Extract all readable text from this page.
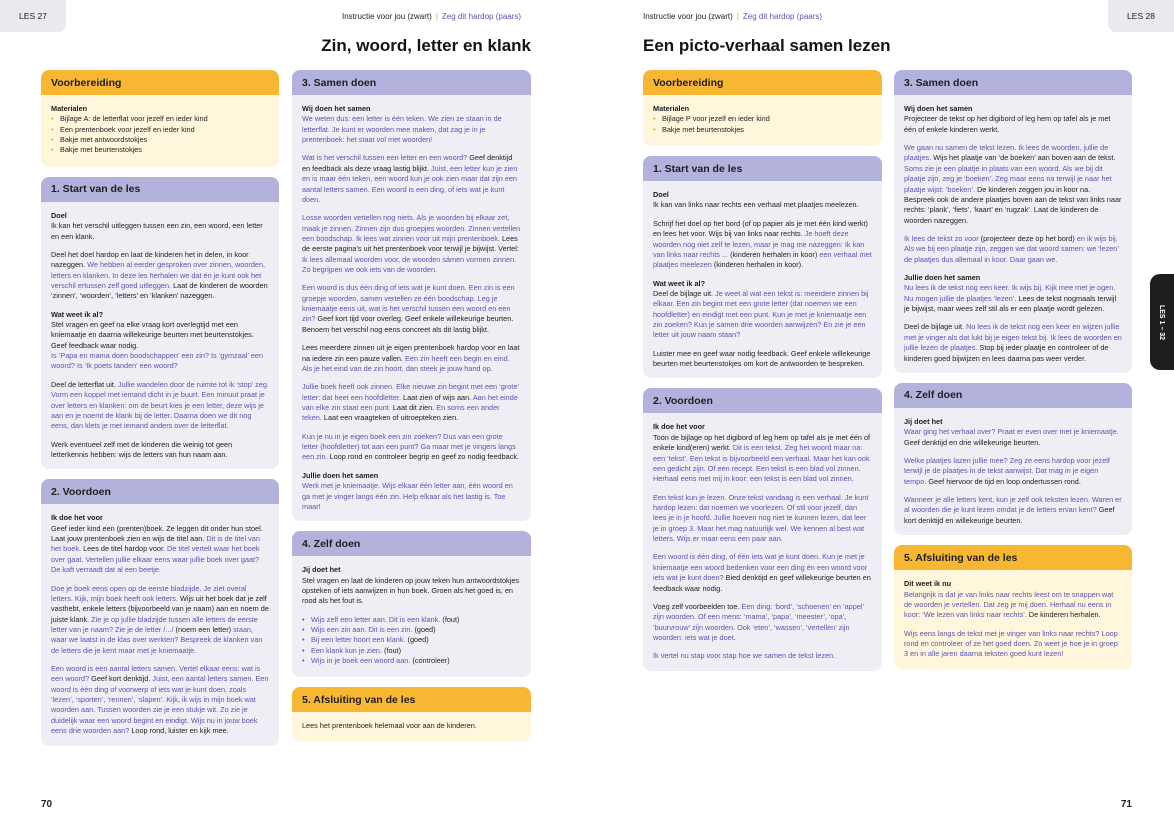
LES 27	Instructie voor jou (zwart) | Zeg dit hardop (paars)
Zin, woord, letter en klank
Voorbereiding
Materialen
• Bijlage A: de letterflat voor jezelf en ieder kind
• Een prentenboek voor jezelf en ieder kind
• Bakje met antwoordstokjes
• Bakje met beurtenstokjes
1. Start van de les

Doel
Ik kan het verschil uitleggen tussen een zin, een woord, een letter en een klank.

Deel het doel hardop en laat de kinderen het in delen, in koor nazeggen. We hebben al eerder gesproken over zinnen, woorden, letters en klanken. In deze les herhalen we dat én je kunt ook het verschil ertussen zelf goed uitleggen. Laat de kinderen de woorden ‘zinnen’, ‘woorden’, ‘letters’ en ‘klanken’ nazeggen.

Wat weet ik al?
Stel vragen en geef na elke vraag kort overlegtijd met een kniemaatje en daarna willekeurige beurten met beurtenstokjes. Geef feedback waar nodig.
Is ‘Papa en mama doen boodschappen’ een zin? Is ‘gymzaal’ een woord? Is ‘Ik poets tanden’ een woord?

Deel de letterflat uit. Jullie wandelen door de ruimte tot ik ‘stop’ zeg. Vorm een koppel met iemand dicht in je buurt. Een minuut praat je over letters en klanken: om de beurt kies je een letter, deze wijs je aan en je noemt de klank bij de letter. Daarna doen we dit nog eens, dan klets je met iemand anders over de letterflat.

Werk eventueel zelf met de kinderen die weinig tot geen letterkennis hebben: wijs de letters van hun naam aan.

2. Voordoen

Ik doe het voor
Geef ieder kind een (prenten)boek. Ze leggen dit onder hun stoel. Laat jouw prentenboek zien en wijs de titel aan. Dit is de titel van het boek. Lees de titel hardop voor. De titel vertelt waar het boek over gaat. Vertellen jullie elkaar eens waar jullie boek over gaat? De kaft verraadt dat al een beetje.

Doe je boek eens open op de eerste bladzijde. Je ziet overal letters. Kijk, mijn boek heeft ook letters. Wijs uit het boek dat je zelf vasthebt, enkele letters (bijvoorbeeld van je naam) aan en noem de juiste klank. Zie je op jullie bladzijde tussen alle letters de eerste letter van je naam? Zie je de letter /.../ (noem een letter) staan, waar we laatst in de klas over werkten? Bespreek de klanken van de letters die je kent maar met je kniemaatje.

Een woord is een aantal letters samen. Vertel elkaar eens: wat is een woord? Geef kort denktijd. Juist, een aantal letters samen. Een woord is één ding of voorwerp of iets wat je kunt doen, zoals ‘lezen’, ‘sporten’, ‘rennen’, ‘slapen’. Kijk, ik wijs in mijn boek wat woorden aan. Tussen woorden zie je een stukje wit. Zo zie je duidelijk waar een woord begint en eindigt. Wijs nu in jouw boek eens drie woorden aan? Loop rond, luister en kijk mee.

3. Samen doen

Wij doen het samen
We weten dus: een letter is één teken. We zien ze staan in de letterflat. Je kunt er woorden mee maken, dat zag je in je prentenboek: het staat vol met woorden!

Wat is het verschil tussen een letter en een woord? Geef denktijd en feedback als deze vraag lastig blijkt. Juist, een letter kun je zien en is maar één teken, een woord kun je ook zien maar dat zijn een aantal letters samen. Een woord is een ding, of iets wat je kunt doen.

Losse woorden vertellen nog niets. Als je woorden bij elkaar zet, maak je zinnen. Zinnen zijn dus groepjes woorden. Zinnen vertellen een boodschap. Ik lees wat zinnen voor uit mijn prentenboek. Lees de eerste pagina’s uit het prentenboek voor terwijl je bijwijst. Vertel: Ik lees allemaal woorden voor, de woorden sámen vormen zinnen. Zo begrijpen we ook iets van de woorden.

Een woord is dus één ding of iets wat je kunt doen. Een zin is een groepje woorden, samen vertellen ze één boodschap. Leg je kniemaatje eens uit, wat is het verschil tussen een woord en een zin? Geef kort tijd voor overleg. Geef enkele willekeurige beurten. Benoem het verschil nog eens concreet als dit lastig blijkt.

Lees meerdere zinnen uit je eigen prentenboek hardop voor en laat na iedere zin een pauze vallen. Een zin heeft een begin en eind. Als je het eind van de zin hoort, dan steek je jouw hand op.

Jullie boek heeft ook zinnen. Elke nieuwe zin begint met een ‘grote’ letter: dat heet een hoofdletter. Laat zien of wijs aan. Aan het einde van elke zin staat een punt. Laat dit zien. En soms een ander teken. Laat een vraagteken of uitroepteken zien.

Kun je nu in je eigen boek een zin zoeken? Dus van een grote letter (hoofdletter) tot aan een punt? Ga maar met je vingers langs een zin. Loop rond en controleer begrip en geef zo nodig feedback.

Jullie doen het samen
Werk met je kniemaatje. Wijs elkaar één letter aan, één woord en ga met je vinger langs één zin. Help elkaar als het lastig is. Toe maar!

4. Zelf doen

Jij doet het
Stel vragen en laat de kinderen op jouw teken hun antwoordstokjes opsteken of iets aanwijzen in hun boek. Groen als het goed is, en rood als het fout is.

• Wijs zelf een letter aan. Dit is een klank. (fout)
• Wijs een zin aan. Dit is een zin. (goed)
• Bij een letter hoort een klank. (goed)
• Een klank kun je zien. (fout)
• Wijs in je boek een woord aan. (controleer)
5. Afsluiting van de les

Lees het prentenboek helemaal voor aan de kinderen.

70
LES 28
Instructie voor jou (zwart) | Zeg dit hardop (paars)
Een picto-verhaal samen lezen
Voorbereiding
Materialen
• Bijlage P voor jezelf en ieder kind
• Bakje met beurtenstokjes
1. Start van de les

Doel
Ik kan van links naar rechts een verhaal met plaatjes meelezen.

Schrijf het doel op het bord (of op papier als je met één kind werkt) en lees het voor. Wijs bij van links naar rechts. Je hoeft deze woorden nog niet zelf te lezen, maar je mag me nazeggen: Ik kan van links naar rechts ... (kinderen herhalen in koor) een verhaal met plaatjes meelezen (kinderen herhalen in koor).

Wat weet ik al?
Deel de bijlage uit. Je weet al wat een tekst is: meerdere zinnen bij elkaar. Een zin begint met een grote letter (dat noemen we een hoofdletter) en eindigt met een punt. Kun je met je kniemaatje een zin zoeken? Kun je samen drie woorden aanwijzen? En zie je een letter uit jouw naam staan?

Luister mee en geef waar nodig feedback. Geef enkele willekeurige beurten met beurtenstokjes om kort de antwoorden te bespreken.

2. Voordoen

Ik doe het voor
Toon de bijlage op het digibord of leg hem op tafel als je met één of enkele kind(eren) werkt. Dit is een tekst. Zeg het woord maar na: een ‘tekst’. Een tekst is bijvoorbeeld een verhaal. Maar het kan ook een gedicht zijn. Of een recept. Een tekst is een blad vol zinnen. Herhaal eens met mij in koor: een tekst is een blad vol zinnen.

Een tekst kun je lezen. Onze tekst vandaag is een verhaal. Je kunt hardop lezen: dat noemen we voorlezen. Of stil voor jezelf, dan lees je in je hoofd. Jullie hoeven nog niet te kunnen lezen, dat leer je in groep 3. Maar het mag natuurlijk wel. We kennen al best wat letters. Wijs er maar eens een paar aan.

Een woord is één ding, of één iets wat je kunt doen. Kun je met je kniemaatje een woord bedenken voor een ding én een woord voor iets wat je kunt doen? Bied denktijd en geef willekeurige beurten en feedback waar nodig.

Voeg zelf voorbeelden toe. Een ding: ‘bord’, ‘schoenen’ en ‘appel’ zijn woorden. Of een mens: ‘mama’, ‘papa’, ‘meester’, ‘opa’, ‘buurvrouw’ zijn woorden. Ook ‘eten’, ‘wassen’, ‘vertellen’ zijn woorden: iets wat je doet.

Ik vertel nu stap voor stap hoe we samen de tekst lezen.

3. Samen doen

Wij doen het samen
Projecteer de tekst op het digibord of leg hem op tafel als je met één of enkele kinderen werkt.

We gaan nu samen de tekst lezen. Ik lees de woorden, jullie de plaatjes. Wijs het plaatje van ‘de boeken’ aan boven aan de tekst. Soms zie je een plaatje in plaats van een woord. Als we bij dit plaatje zijn, zeg je ‘boeken’. Zeg maar eens na terwijl je naar het plaatje wijst: ‘boeken’. De kinderen zeggen jou in koor na. Bespreek ook de andere plaatjes boven aan de tekst van links naar rechts: ‘plank’, ‘fiets’, ‘kaart’ en ‘rugzak’. Laat de kinderen de woorden nazeggen.

Ik lees de tekst zo voor (projecteer deze op het bord) en ik wijs bij. Als we bij een plaatje zijn, zeggen we dat woord samen: we ‘lezen’ de plaatjes dus allemaal in koor. Daar gaan we.

Jullie doen het samen
Nu lees ik de tekst nog een keer. Ik wijs bij. Kijk mee met je ogen. Nu mogen jullie de plaatjes ‘lezen’. Lees de tekst nogmaals terwijl je bijwijst, maar wees zelf stil als er een plaatje wordt gelezen.

Deel de bijlage uit. Nu lees ik de tekst nog een keer en wijzen jullie met je vinger als dat lukt bij je eigen tekst bij. Ik lees de woorden en jullie lezen de plaatjes. Stop bij ieder plaatje en controleer of de kinderen goed bijwijzen en lees daarna pas weer verder.

4. Zelf doen

Jij doet het
Waar ging het verhaal over? Praat er even over met je kniemaatje. Geef denktijd en drie willekeurige beurten.

Welke plaatjes lazen jullie mee? Zeg ze eens hardop voor jezelf terwijl je de plaatjes in de tekst aanwijst. Dat mag in je eigen tempo. Geef hiervoor de tijd en loop ondertussen rond.

Wanneer je alle letters kent, kun je zelf ook teksten lezen. Waren er al woorden die je kunt lezen omdat je de letters ervan kent? Geef kort denktijd en willekeurige beurten.

5. Afsluiting van de les

Dit weet ik nu
Belangrijk is dat je van links naar rechts leest om te snappen wat de woorden je vertellen. Dat zeg je mij doen. Herhaal nu eens in koor: ‘We lezen van links naar rechts’. De kinderen herhalen.

Wijs eens langs de tekst met je vinger van links naar rechts? Loop rond en controleer of ze het goed doen. Zo weet je hoe je in groep 3 en in alle jaren daarna teksten goed kunt lezen!

71
LES 1 – 32
